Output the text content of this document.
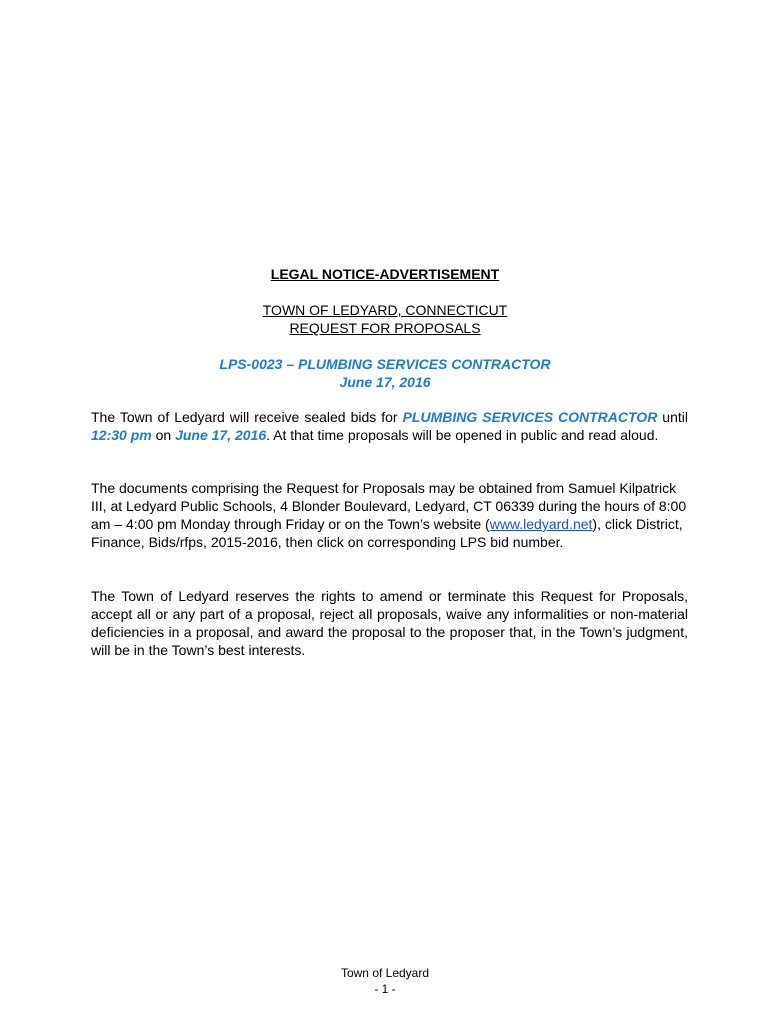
LEGAL NOTICE-ADVERTISEMENT
TOWN OF LEDYARD, CONNECTICUT
REQUEST FOR PROPOSALS
LPS-0023 – PLUMBING SERVICES CONTRACTOR
June 17, 2016
The Town of Ledyard will receive sealed bids for PLUMBING SERVICES CONTRACTOR until 12:30 pm on June 17, 2016. At that time proposals will be opened in public and read aloud.
The documents comprising the Request for Proposals may be obtained from Samuel Kilpatrick III, at Ledyard Public Schools, 4 Blonder Boulevard, Ledyard, CT 06339 during the hours of 8:00 am – 4:00 pm Monday through Friday or on the Town’s website (www.ledyard.net), click District, Finance, Bids/rfps, 2015-2016, then click on corresponding LPS bid number.
The Town of Ledyard reserves the rights to amend or terminate this Request for Proposals, accept all or any part of a proposal, reject all proposals, waive any informalities or non-material deficiencies in a proposal, and award the proposal to the proposer that, in the Town’s judgment, will be in the Town’s best interests.
Town of Ledyard
- 1 -
